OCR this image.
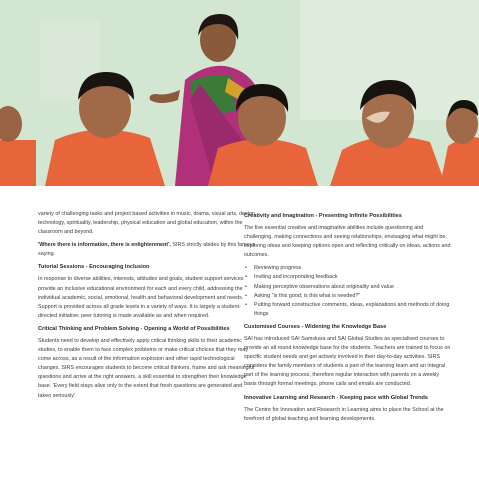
variety of challenging tasks and project based activities in music, drama, visual arts, design technology, spirituality, leadership, physical education and global education, within the classroom and beyond.

'Where there is information, there is enlightenment', SIRS strictly abides by this famous saying.

Tutorial Sessions - Encouraging Inclusion

In response to diverse abilities, interests, attitudes and goals, student support services provide an inclusive educational environment for each and every child, addressing the individual academic, social, emotional, health and behavioral development and needs. Support is provided across all grade levels in a variety of ways. It is largely a student-directed initiative; peer tutoring is made available as and when required.

Critical Thinking and Problem Solving - Opening a World of Possibilities

Students need to develop and effectively apply critical thinking skills to their academic studies, to enable them to face complex problems or make critical choices that they may come across, as a result of the information explosion and other rapid technological changes. SIRS encourages students to become critical thinkers, frame and ask meaningful questions and arrive at the right answers, a skill essential to strengthen their knowledge base. 'Every field stays alive only to the extent that fresh questions are generated and taken seriously'.

Creativity and Imagination - Presenting Infinite Possibilities

The five essential creative and imaginative abilities include questioning and challenging, making connections and seeing relationships, envisaging what might be, exploring ideas and keeping options open and reflecting critically on ideas, actions and outcomes.

• Reviewing progress
• Inviting and incorporating feedback
• Making perceptive observations about originality and value
• Asking "is this good; is this what is needed?"
• Putting forward constructive comments, ideas, explanations and methods of doing things
Customised Courses - Widening the Knowledge Base

SAI has introduced SAI Samskara and SAI Global Studies as specialised courses to provide an all round knowledge base for the students. Teachers are trained to focus on specific student needs and get actively involved in their day-to-day activities. SIRS considers the family members of students a part of the learning team and an integral part of the learning process, therefore regular interaction with parents on a weekly basis through formal meetings, phone calls and emails are conducted.

Innovative Learning and Research - Keeping pace with Global Trends

The Centre for Innovation and Research in Learning aims to place the School at the forefront of global teaching and learning developments.
